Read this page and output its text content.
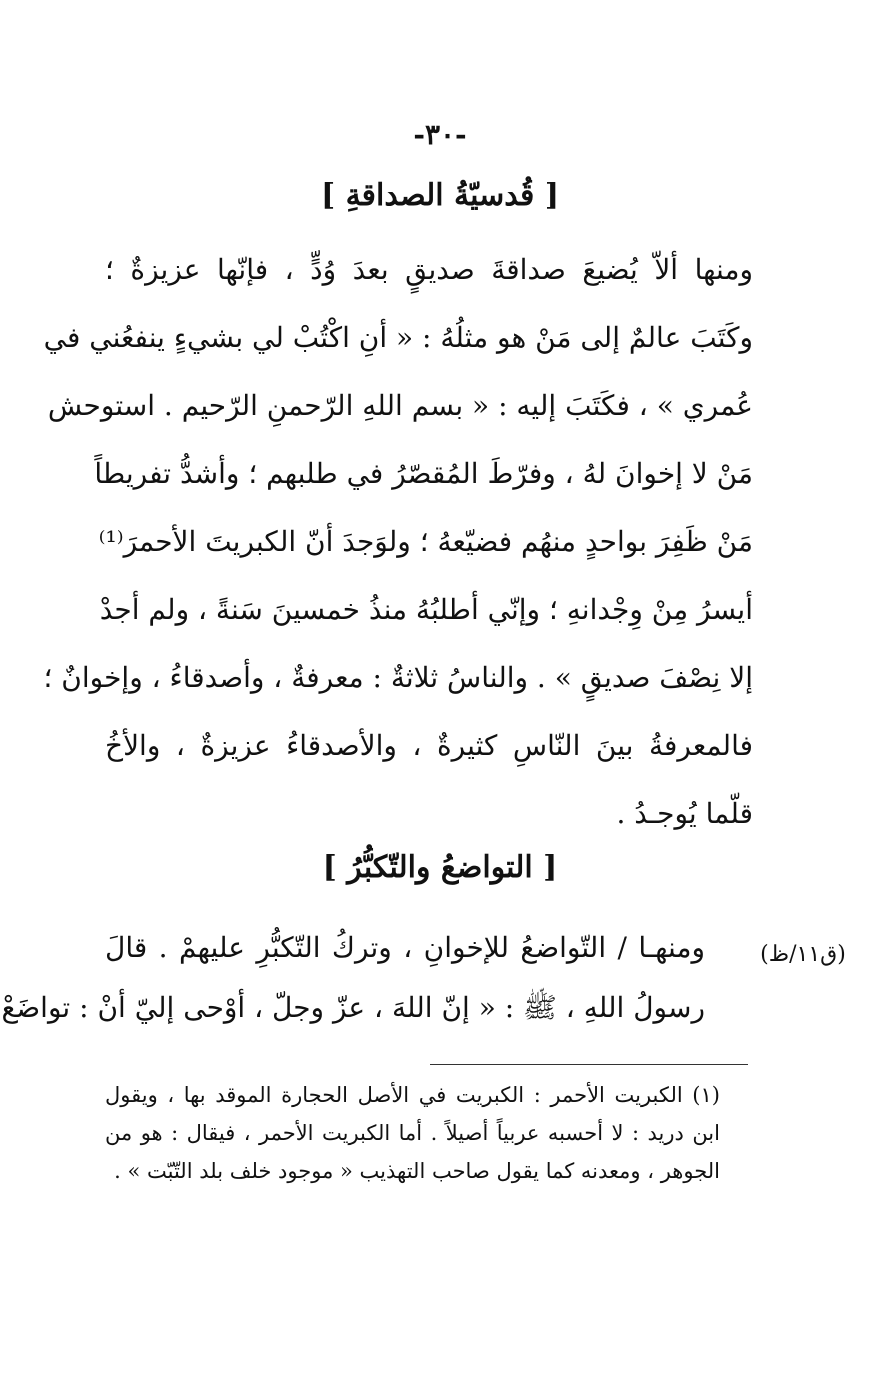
-٣٠-
[ قُدسيّةُ الصداقةِ ]
ومنها ألاّ يُضيعَ صداقةَ صديقٍ بعدَ وُدٍّ ، فإنّها عزيزةٌ ؛
وكَتَبَ عالمٌ إلى مَنْ هو مثلُهُ : « أنِ اكْتُبْ لي بشيءٍ ينفعُني في
عُمري » ، فكَتَبَ إليه : « بسم اللهِ الرّحمنِ الرّحيم . استوحش
مَنْ لا إخوانَ لهُ ، وفرّطَ المُقصّرُ في طلبهم ؛ وأشدُّ تفريطاً
مَنْ ظَفِرَ بواحدٍ منهُم فضيّعهُ ؛ ولوَجدَ أنّ الكبريتَ الأحمرَ⁽¹⁾
أيسرُ مِنْ وِجْدانهِ ؛ وإنّي أطلبُهُ منذُ خمسينَ سَنةً ، ولم أجدْ
إلا نِصْفَ صديقٍ » . والناسُ ثلاثةٌ : معرفةٌ ، وأصدقاءُ ، وإخوانٌ ؛
فالمعرفةُ بينَ النّاسِ كثيرةٌ ، والأصدقاءُ عزيزةٌ ، والأخُ
قلّما يُوجـدُ .
[ التواضعُ والتّكبُّرُ ]
(ق١١/ظ)
ومنهـا / التّواضعُ للإخوانِ ، وتركُ التّكبُّرِ عليهمْ . قالَ
رسولُ اللهِ ، ﷺ : « إنّ اللهَ ، عزّ وجلّ ، أوْحى إليّ أنْ : تواضَعْ
(١) الكبريت الأحمر : الكبريت في الأصل الحجارة الموقد بها ، ويقول
ابن دريد : لا أحسبه عربياً أصيلاً . أما الكبريت الأحمر ، فيقال : هو من
الجوهر ، ومعدنه كما يقول صاحب التهذيب « موجود خلف بلد التّبّت » .
